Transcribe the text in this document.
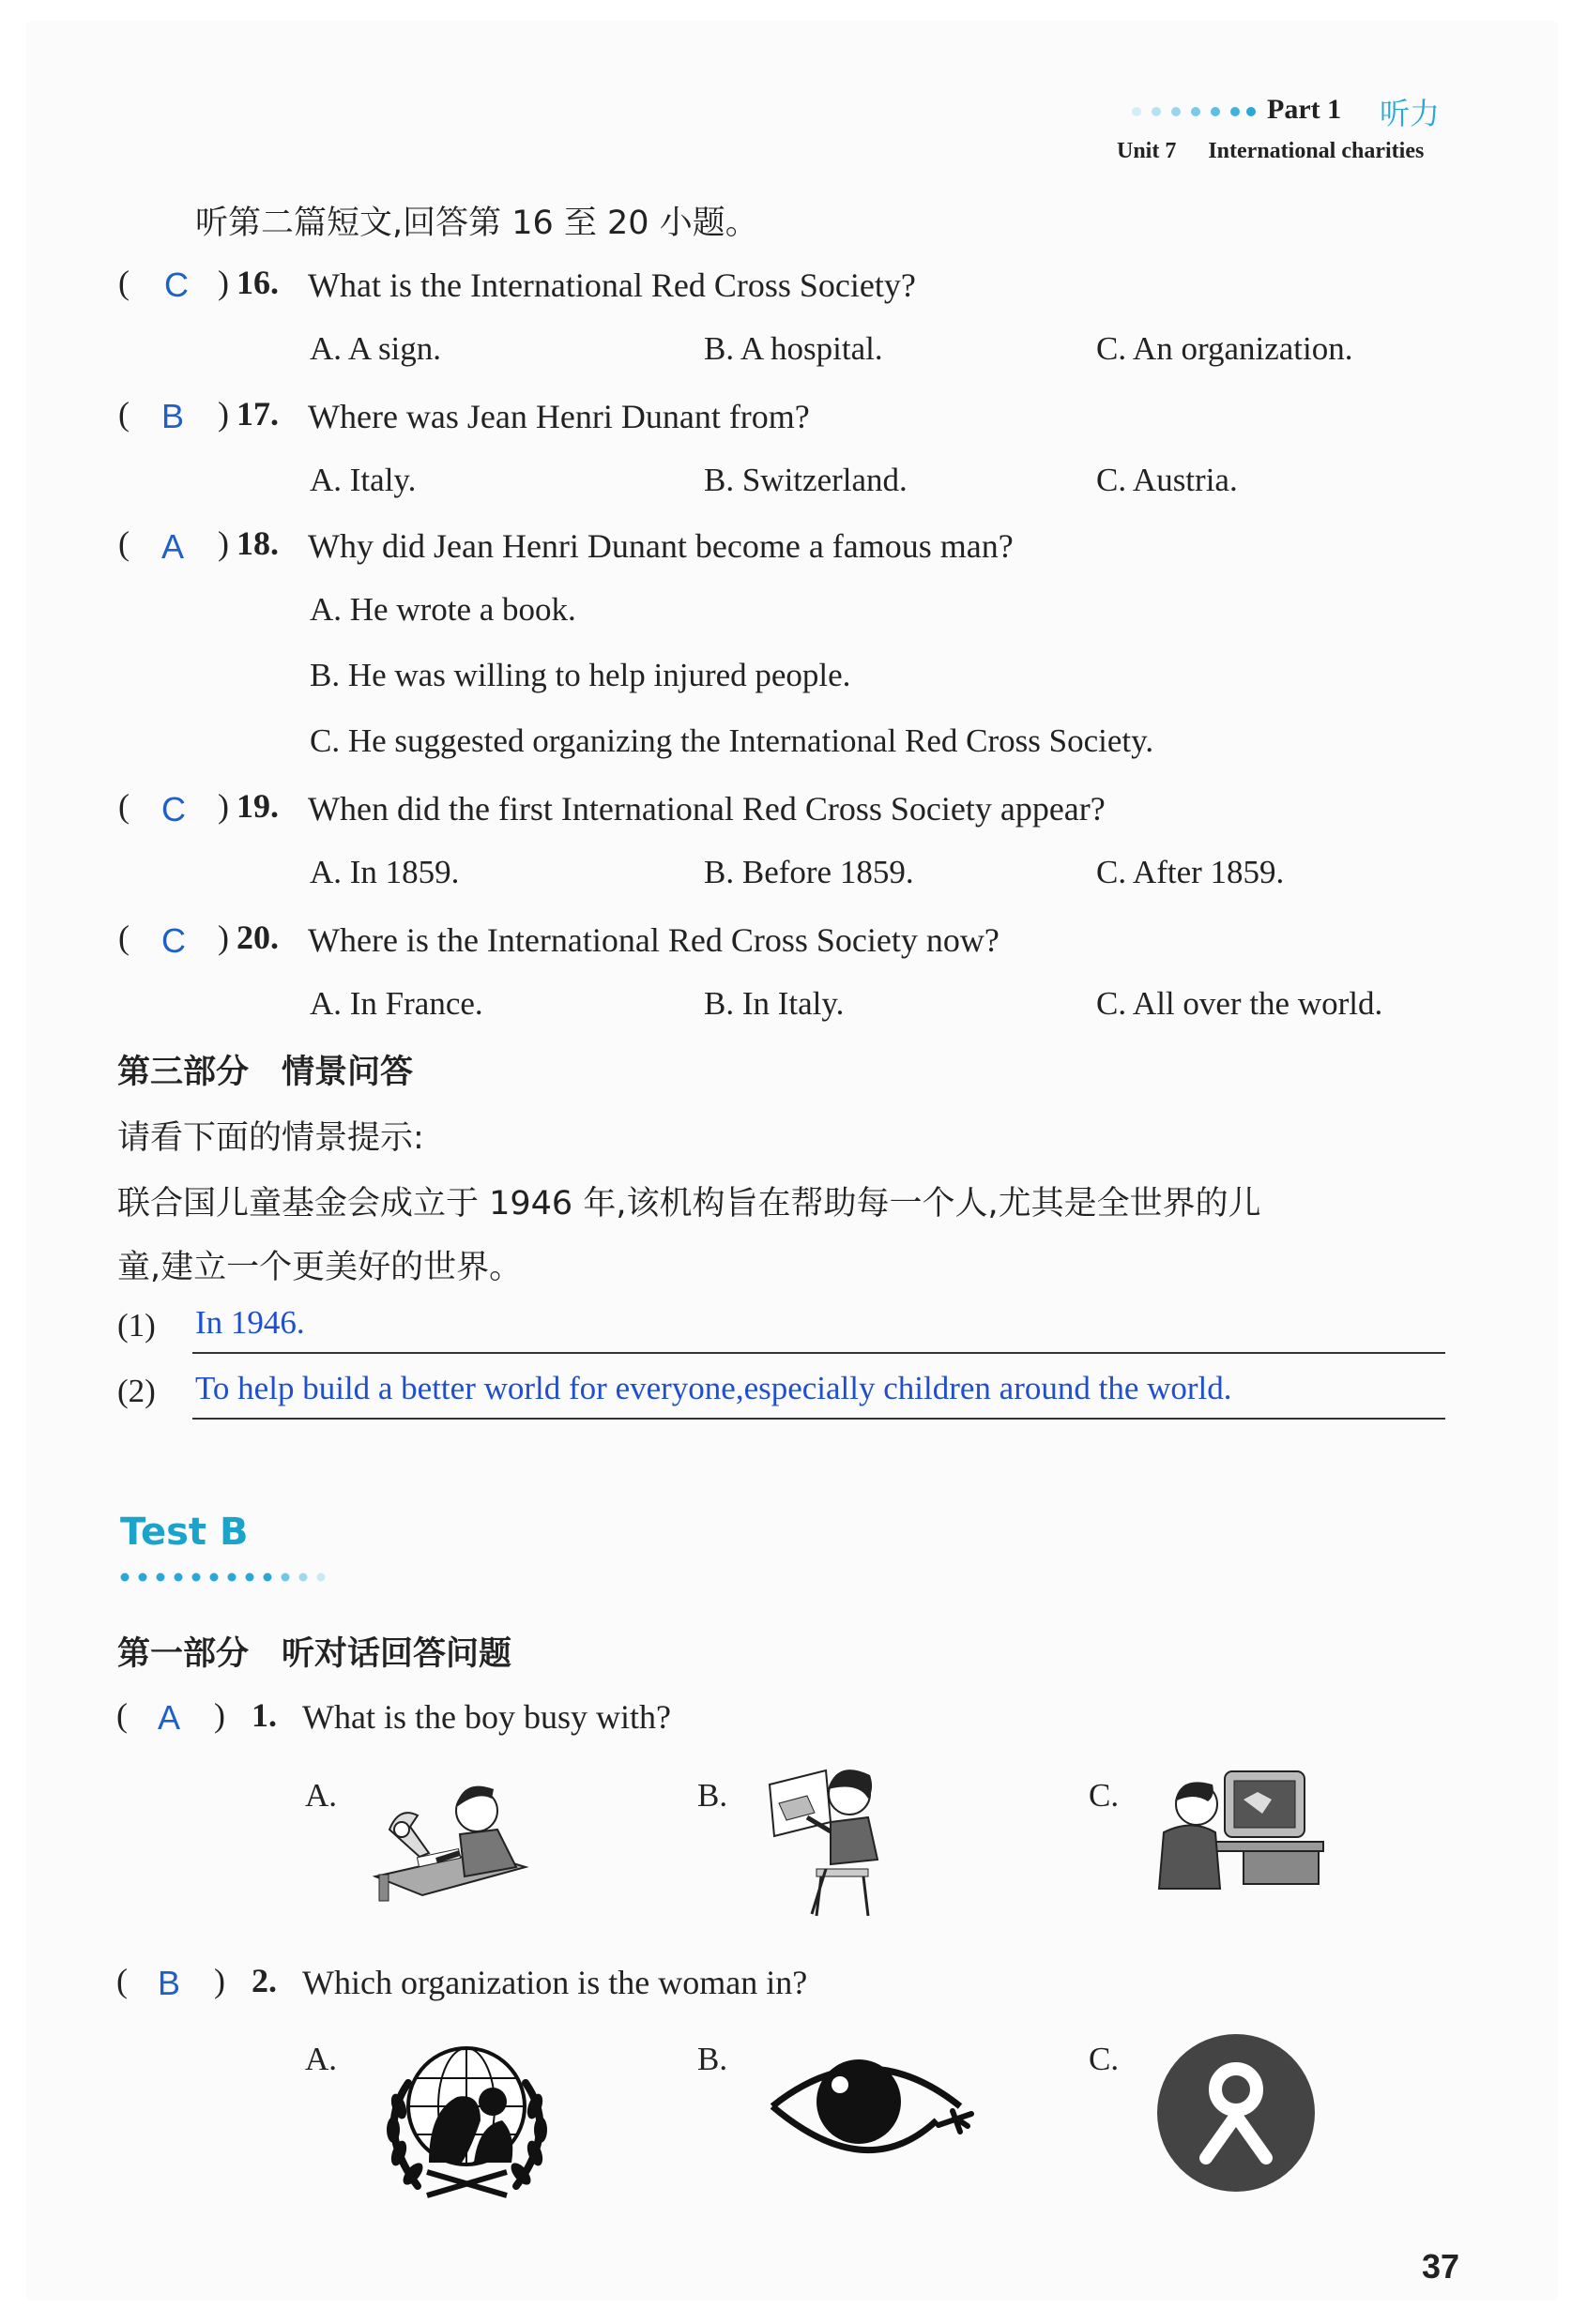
Part 1 听力
Unit 7 International charities
听第二篇短文,回答第 16 至 20 小题。
( C ) 16. What is the International Red Cross Society?
A. A sign.	B. A hospital.	C. An organization.
( B ) 17. Where was Jean Henri Dunant from?
A. Italy.	B. Switzerland.	C. Austria.
( A ) 18. Why did Jean Henri Dunant become a famous man?
A. He wrote a book.
B. He was willing to help injured people.
C. He suggested organizing the International Red Cross Society.
( C ) 19. When did the first International Red Cross Society appear?
A. In 1859.	B. Before 1859.	C. After 1859.
( C ) 20. Where is the International Red Cross Society now?
A. In France.	B. In Italy.	C. All over the world.
第三部分　情景问答
请看下面的情景提示:
联合国儿童基金会成立于 1946 年,该机构旨在帮助每一个人,尤其是全世界的儿
童,建立一个更美好的世界。
(1) In 1946.
(2) To help build a better world for everyone,especially children around the world.
Test B
第一部分　听对话回答问题
( A ) 1. What is the boy busy with?
A.	B.	C.
( B ) 2. Which organization is the woman in?
A.	B.	C.
37
